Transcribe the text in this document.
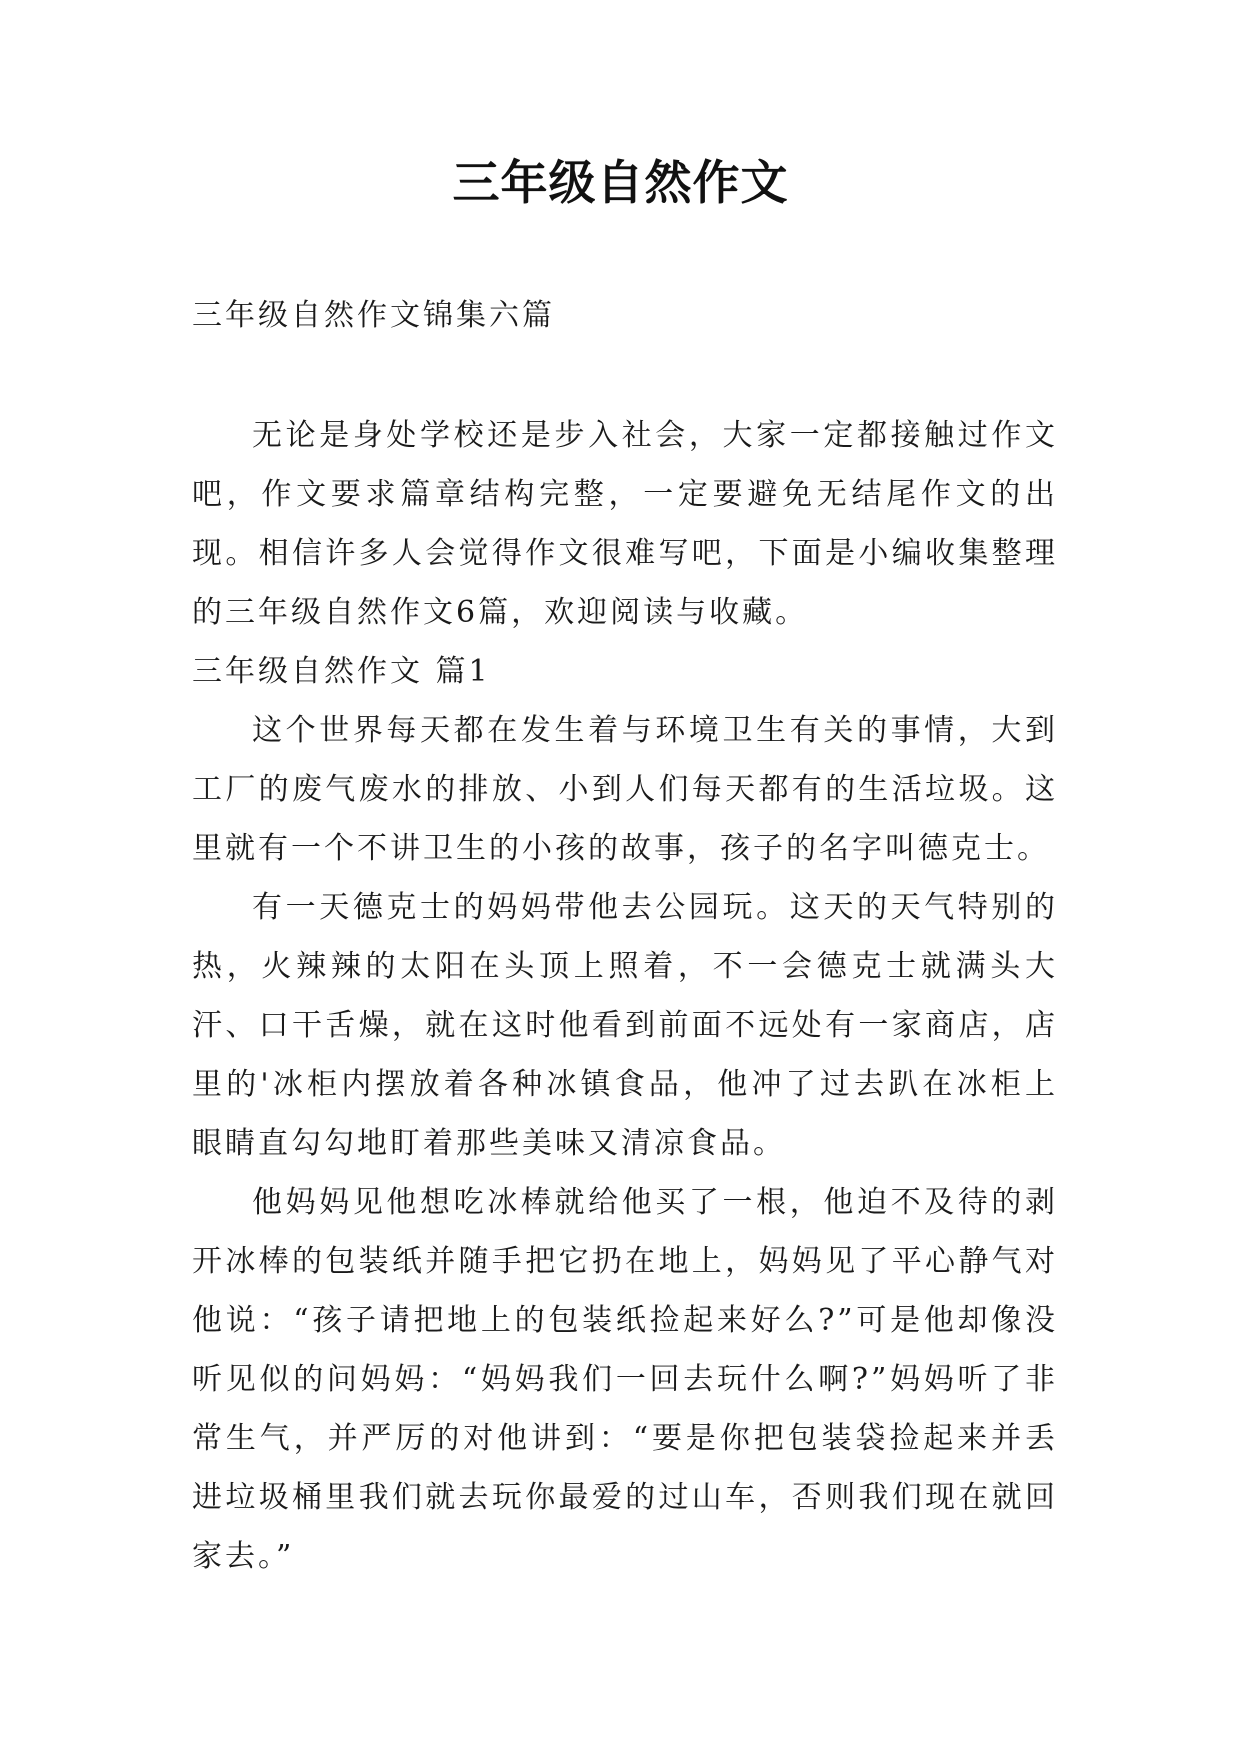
三年级自然作文
三年级自然作文锦集六篇

无论是身处学校还是步入社会，大家一定都接触过作文吧，作文要求篇章结构完整，一定要避免无结尾作文的出现。相信许多人会觉得作文很难写吧，下面是小编收集整理的三年级自然作文6篇，欢迎阅读与收藏。

三年级自然作文 篇1

这个世界每天都在发生着与环境卫生有关的事情，大到工厂的废气废水的排放、小到人们每天都有的生活垃圾。这里就有一个不讲卫生的小孩的故事，孩子的名字叫德克士。

有一天德克士的妈妈带他去公园玩。这天的天气特别的热，火辣辣的太阳在头顶上照着，不一会德克士就满头大汗、口干舌燥，就在这时他看到前面不远处有一家商店，店里的'冰柜内摆放着各种冰镇食品，他冲了过去趴在冰柜上眼睛直勾勾地盯着那些美味又清凉食品。

他妈妈见他想吃冰棒就给他买了一根，他迫不及待的剥开冰棒的包装纸并随手把它扔在地上，妈妈见了平心静气对他说：“孩子请把地上的包装纸捡起来好么?”可是他却像没听见似的问妈妈：“妈妈我们一回去玩什么啊?”妈妈听了非常生气，并严厉的对他讲到：“要是你把包装袋捡起来并丢进垃圾桶里我们就去玩你最爱的过山车，否则我们现在就回家去。”
